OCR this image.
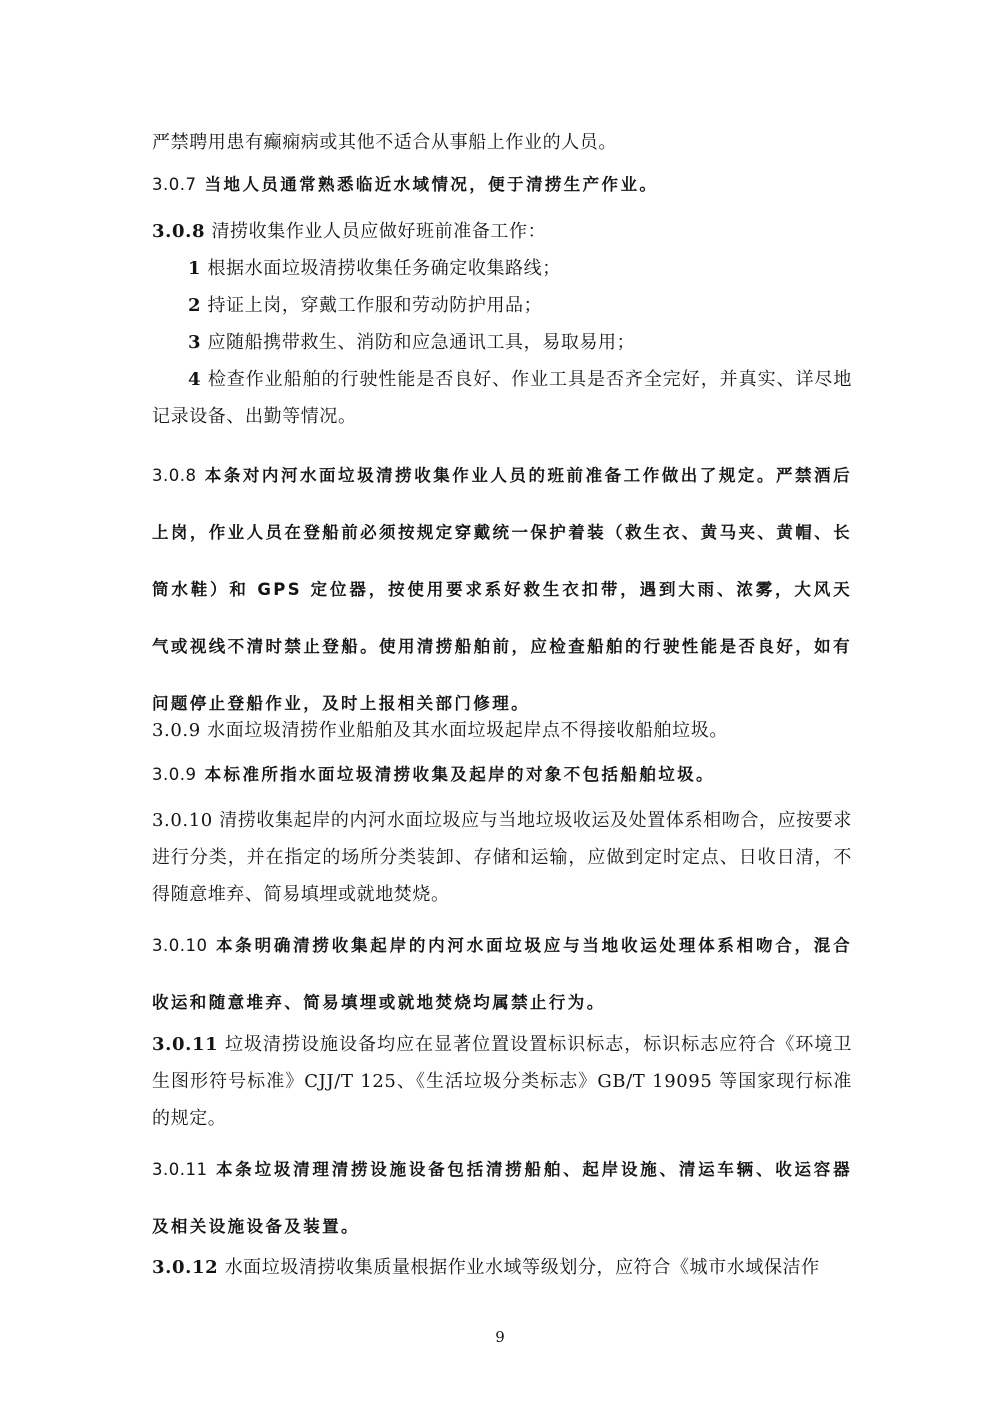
严禁聘用患有癫痫病或其他不适合从事船上作业的人员。

3.0.7 当地人员通常熟悉临近水域情况，便于清捞生产作业。

3.0.8 清捞收集作业人员应做好班前准备工作：

1 根据水面垃圾清捞收集任务确定收集路线；

2 持证上岗，穿戴工作服和劳动防护用品；

3 应随船携带救生、消防和应急通讯工具，易取易用；

4 检查作业船舶的行驶性能是否良好、作业工具是否齐全完好，并真实、详尽地记录设备、出勤等情况。

3.0.8 本条对内河水面垃圾清捞收集作业人员的班前准备工作做出了规定。严禁酒后上岗，作业人员在登船前必须按规定穿戴统一保护着装（救生衣、黄马夹、黄帽、长筒水鞋）和 GPS 定位器，按使用要求系好救生衣扣带，遇到大雨、浓雾，大风天气或视线不清时禁止登船。使用清捞船舶前，应检查船舶的行驶性能是否良好，如有问题停止登船作业，及时上报相关部门修理。

3.0.9 水面垃圾清捞作业船舶及其水面垃圾起岸点不得接收船舶垃圾。

3.0.9 本标准所指水面垃圾清捞收集及起岸的对象不包括船舶垃圾。

3.0.10 清捞收集起岸的内河水面垃圾应与当地垃圾收运及处置体系相吻合，应按要求进行分类，并在指定的场所分类装卸、存储和运输，应做到定时定点、日收日清，不得随意堆弃、简易填埋或就地焚烧。

3.0.10 本条明确清捞收集起岸的内河水面垃圾应与当地收运处理体系相吻合，混合收运和随意堆弃、简易填埋或就地焚烧均属禁止行为。

3.0.11 垃圾清捞设施设备均应在显著位置设置标识标志，标识标志应符合《环境卫生图形符号标准》CJJ/T 125、《生活垃圾分类标志》GB/T 19095 等国家现行标准的规定。

3.0.11 本条垃圾清理清捞设施设备包括清捞船舶、起岸设施、清运车辆、收运容器及相关设施设备及装置。

3.0.12 水面垃圾清捞收集质量根据作业水域等级划分，应符合《城市水域保洁作

9
